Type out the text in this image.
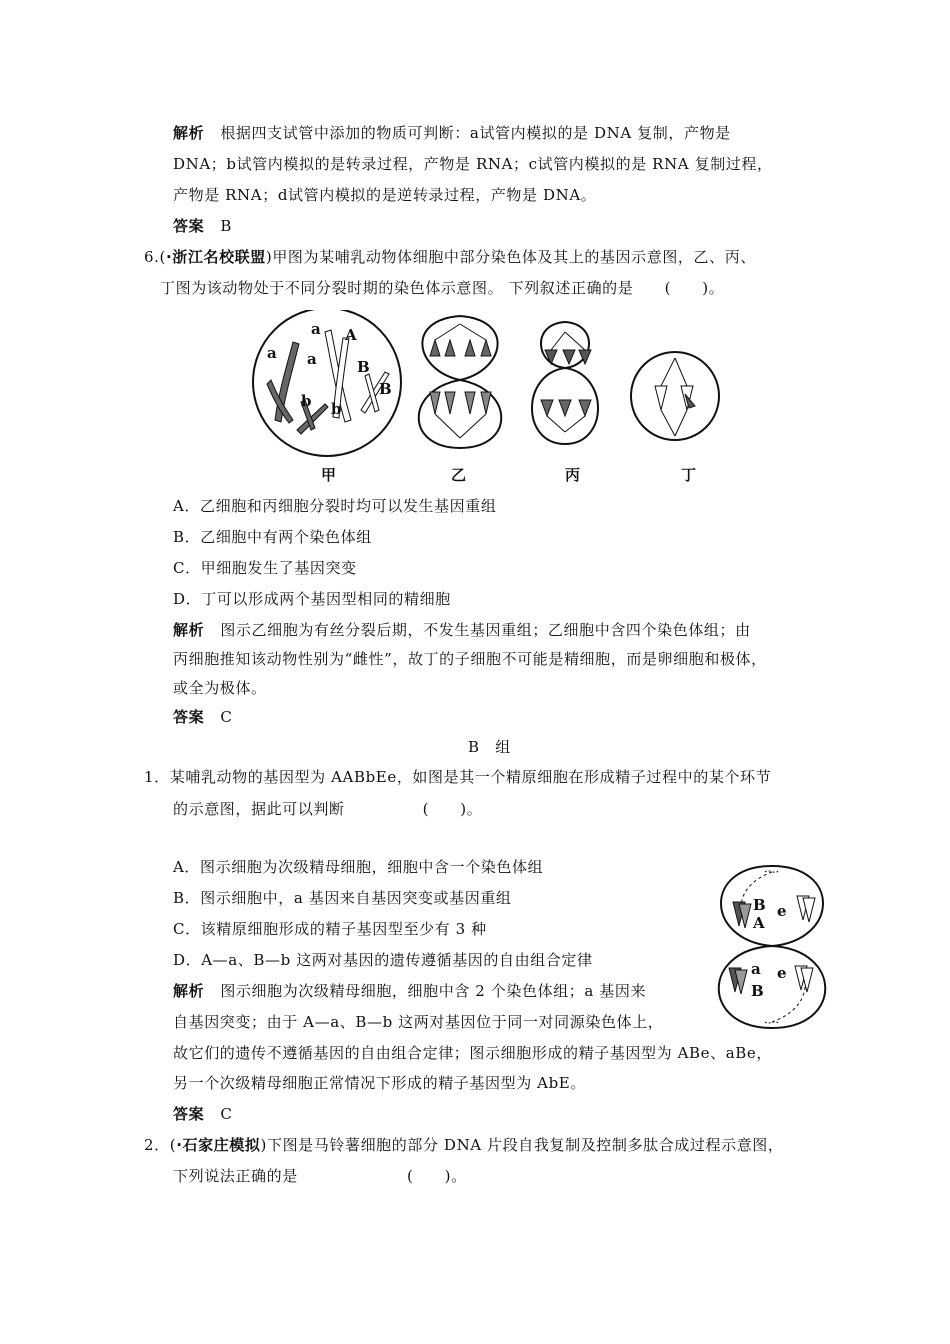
解析 根据四支试管中添加的物质可判断：a试管内模拟的是 DNA 复制，产物是
DNA；b试管内模拟的是转录过程，产物是 RNA；c试管内模拟的是 RNA 复制过程，
产物是 RNA；d试管内模拟的是逆转录过程，产物是 DNA。
答案 B
6.(·浙江名校联盟)甲图为某哺乳动物体细胞中部分染色体及其上的基因示意图，乙、丙、
丁图为该动物处于不同分裂时期的染色体示意图。 下列叙述正确的是　　(　　)。
a a
a A
B
B
b b
甲	乙	丙	丁
A．乙细胞和丙细胞分裂时均可以发生基因重组
B．乙细胞中有两个染色体组
C．甲细胞发生了基因突变
D．丁可以形成两个基因型相同的精细胞
解析 图示乙细胞为有丝分裂后期，不发生基因重组；乙细胞中含四个染色体组；由
丙细胞推知该动物性别为“雌性”，故丁的子细胞不可能是精细胞，而是卵细胞和极体，
或全为极体。
答案 C
B　组
1．某哺乳动物的基因型为 AABbEe，如图是其一个精原细胞在形成精子过程中的某个环节
的示意图，据此可以判断　　　　　(　　)。
A．图示细胞为次级精母细胞，细胞中含一个染色体组
B．图示细胞中，a 基因来自基因突变或基因重组
C．该精原细胞形成的精子基因型至少有 3 种
D．A—a、B—b 这两对基因的遗传遵循基因的自由组合定律
B
A
e
a
B
e
解析 图示细胞为次级精母细胞，细胞中含 2 个染色体组；a 基因来
自基因突变；由于 A—a、B—b 这两对基因位于同一对同源染色体上，
故它们的遗传不遵循基因的自由组合定律；图示细胞形成的精子基因型为 ABe、aBe，
另一个次级精母细胞正常情况下形成的精子基因型为 AbE。
答案 C
2．(·石家庄模拟)下图是马铃薯细胞的部分 DNA 片段自我复制及控制多肽合成过程示意图，
下列说法正确的是　　　　　　　(　　)。
